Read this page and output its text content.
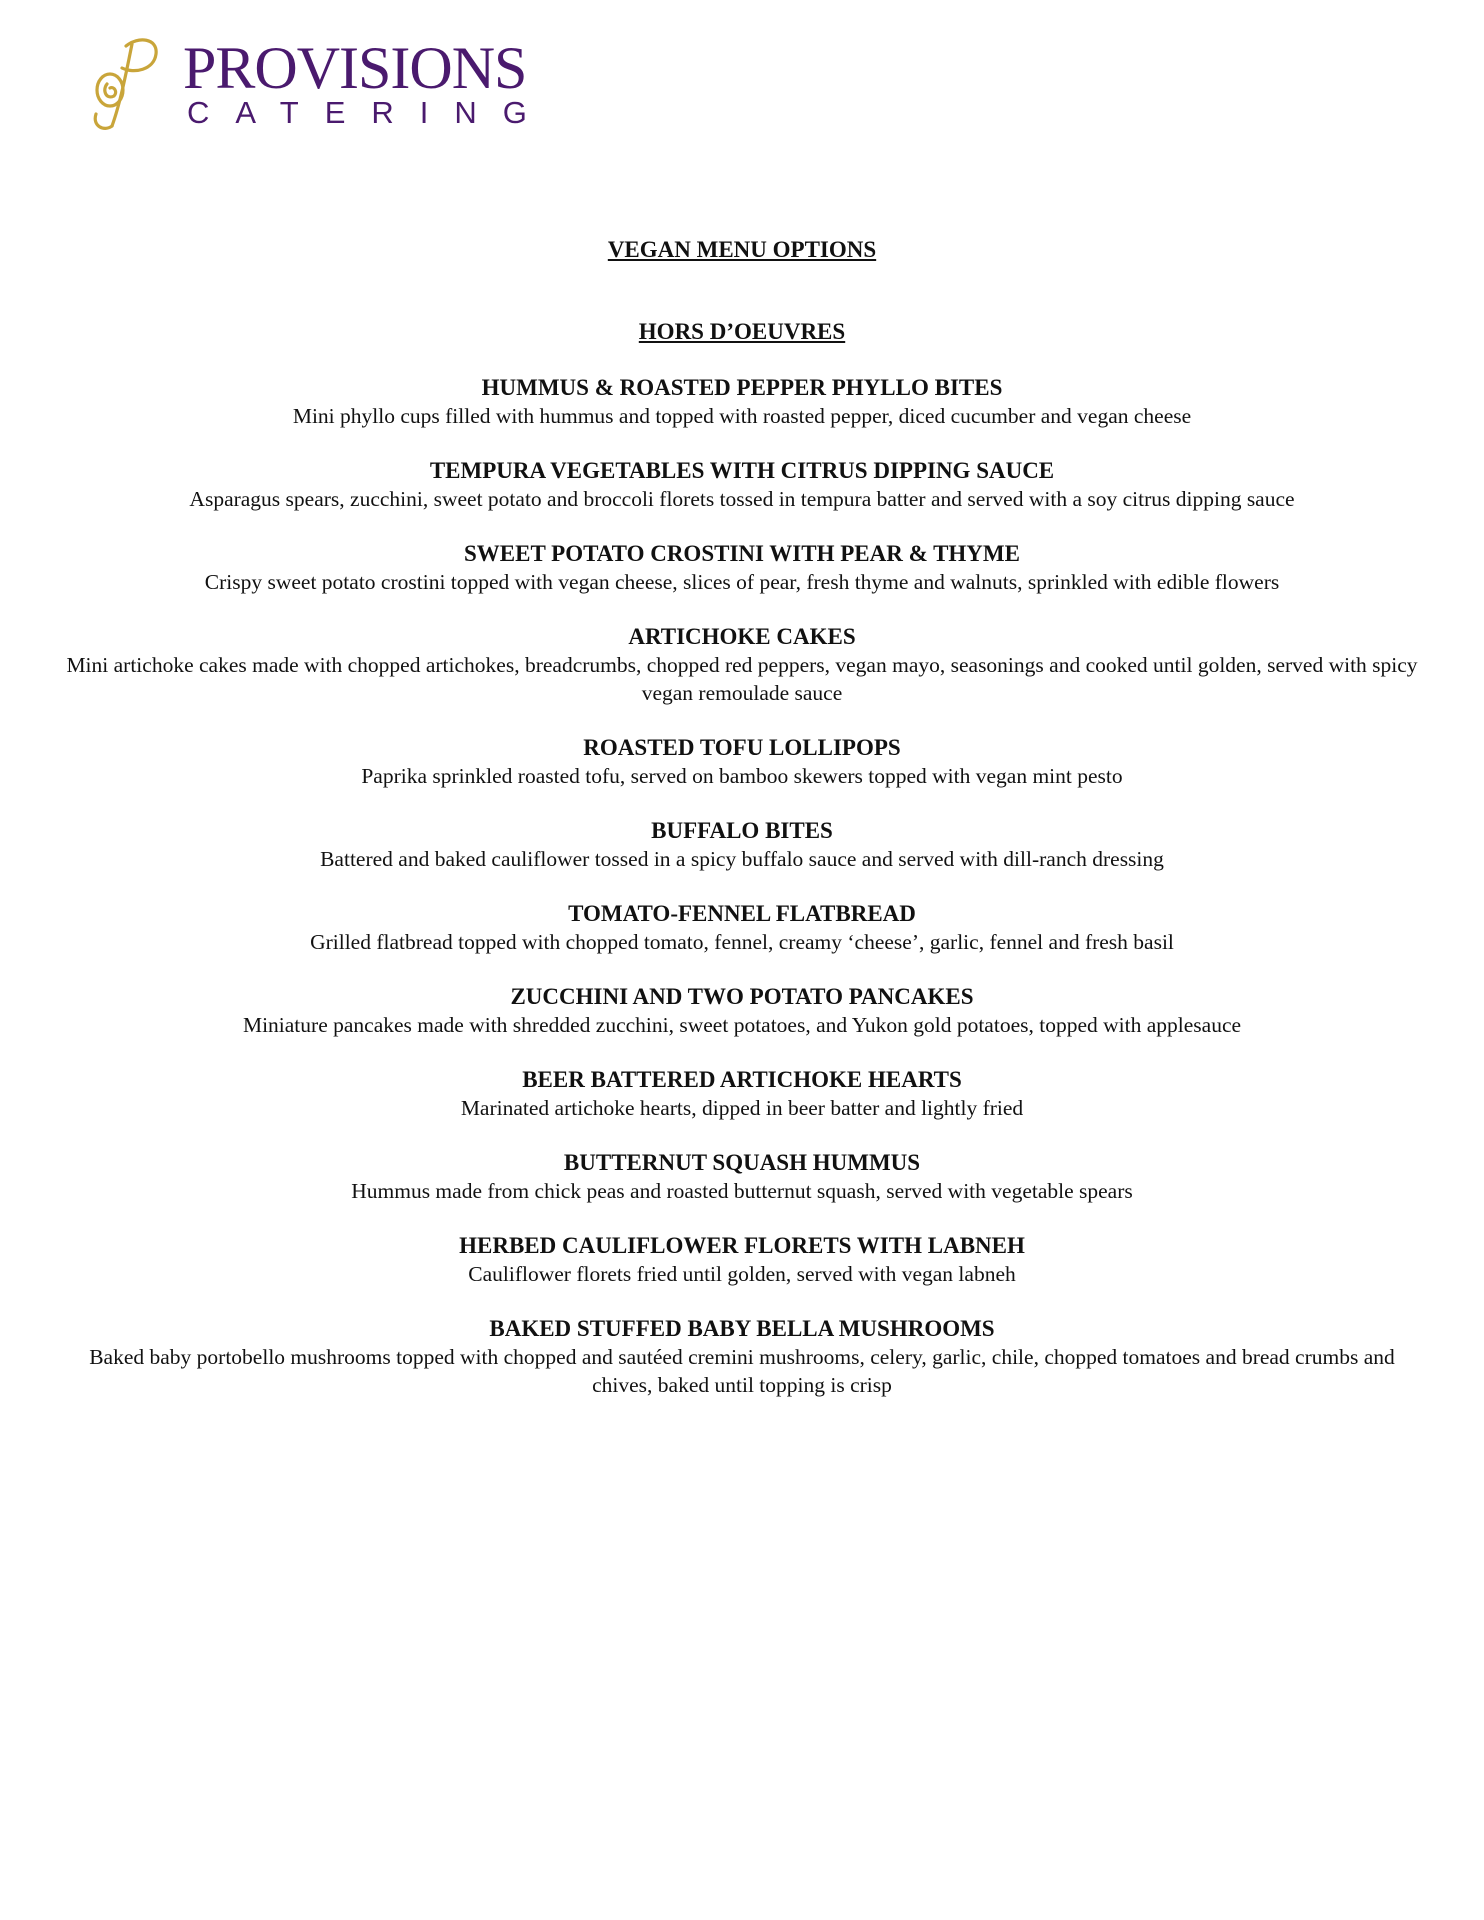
PROVISIONS
CATERING
VEGAN MENU OPTIONS
HORS D’OEUVRES
HUMMUS & ROASTED PEPPER PHYLLO BITES
Mini phyllo cups filled with hummus and topped with roasted pepper, diced cucumber and vegan cheese
TEMPURA VEGETABLES WITH CITRUS DIPPING SAUCE
Asparagus spears, zucchini, sweet potato and broccoli florets tossed in tempura batter and served with a soy citrus dipping sauce
SWEET POTATO CROSTINI WITH PEAR & THYME
Crispy sweet potato crostini topped with vegan cheese, slices of pear, fresh thyme and walnuts, sprinkled with edible flowers
ARTICHOKE CAKES
Mini artichoke cakes made with chopped artichokes, breadcrumbs, chopped red peppers, vegan mayo, seasonings and cooked until golden, served with spicy vegan remoulade sauce
ROASTED TOFU LOLLIPOPS
Paprika sprinkled roasted tofu, served on bamboo skewers topped with vegan mint pesto
BUFFALO BITES
Battered and baked cauliflower tossed in a spicy buffalo sauce and served with dill-ranch dressing
TOMATO-FENNEL FLATBREAD
Grilled flatbread topped with chopped tomato, fennel, creamy ‘cheese’, garlic, fennel and fresh basil
ZUCCHINI AND TWO POTATO PANCAKES
Miniature pancakes made with shredded zucchini, sweet potatoes, and Yukon gold potatoes, topped with applesauce
BEER BATTERED ARTICHOKE HEARTS
Marinated artichoke hearts, dipped in beer batter and lightly fried
BUTTERNUT SQUASH HUMMUS
Hummus made from chick peas and roasted butternut squash, served with vegetable spears
HERBED CAULIFLOWER FLORETS WITH LABNEH
Cauliflower florets fried until golden, served with vegan labneh
BAKED STUFFED BABY BELLA MUSHROOMS
Baked baby portobello mushrooms topped with chopped and sautéed cremini mushrooms, celery, garlic, chile, chopped tomatoes and bread crumbs and chives, baked until topping is crisp
